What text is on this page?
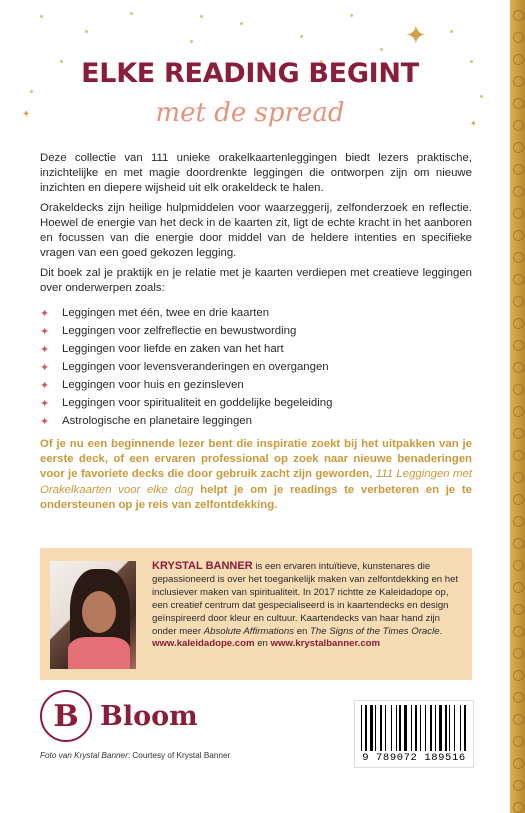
✦
✦
✦
ELKE READING BEGINT
met de spread
Deze collectie van 111 unieke orakelkaartenleggingen biedt lezers praktische, inzichtelijke en met magie doordrenkte leggingen die ontworpen zijn om nieuwe inzichten en diepere wijsheid uit elk orakeldeck te halen.
Orakeldecks zijn heilige hulpmiddelen voor waarzeggerij, zelfonderzoek en reflectie. Hoewel de energie van het deck in de kaarten zit, ligt de echte kracht in het aanboren en focussen van die energie door middel van de heldere intenties en specifieke vragen van een goed gekozen legging.
Dit boek zal je praktijk en je relatie met je kaarten verdiepen met creatieve leggingen over onderwerpen zoals:
✦	Leggingen met één, twee en drie kaarten
✦	Leggingen voor zelfreflectie en bewustwording
✦	Leggingen voor liefde en zaken van het hart
✦	Leggingen voor levensveranderingen en overgangen
✦	Leggingen voor huis en gezinsleven
✦	Leggingen voor spiritualiteit en goddelijke begeleiding
✦	Astrologische en planetaire leggingen
Of je nu een beginnende lezer bent die inspiratie zoekt bij het uitpakken van je eerste deck, of een ervaren professional op zoek naar nieuwe benaderingen voor je favoriete decks die door gebruik zacht zijn geworden, 111 Leggingen met Orakelkaarten voor elke dag helpt je om je readings te verbeteren en je te ondersteunen op je reis van zelfontdekking.
KRYSTAL BANNER is een ervaren intuïtieve, kunstenares die gepassioneerd is over het toegankelijk maken van zelfontdekking en het inclusiever maken van spiritualiteit. In 2017 richtte ze Kaleidadope op, een creatief centrum dat gespecialiseerd is in kaartendecks en design geïnspireerd door kleur en cultuur. Kaartendecks van haar hand zijn onder meer Absolute Affirmations en The Signs of the Times Oracle.
www.kaleidadope.com en www.krystalbanner.com
B Bloom
Foto van Krystal Banner: Courtesy of Krystal Banner	9 789072 189516
